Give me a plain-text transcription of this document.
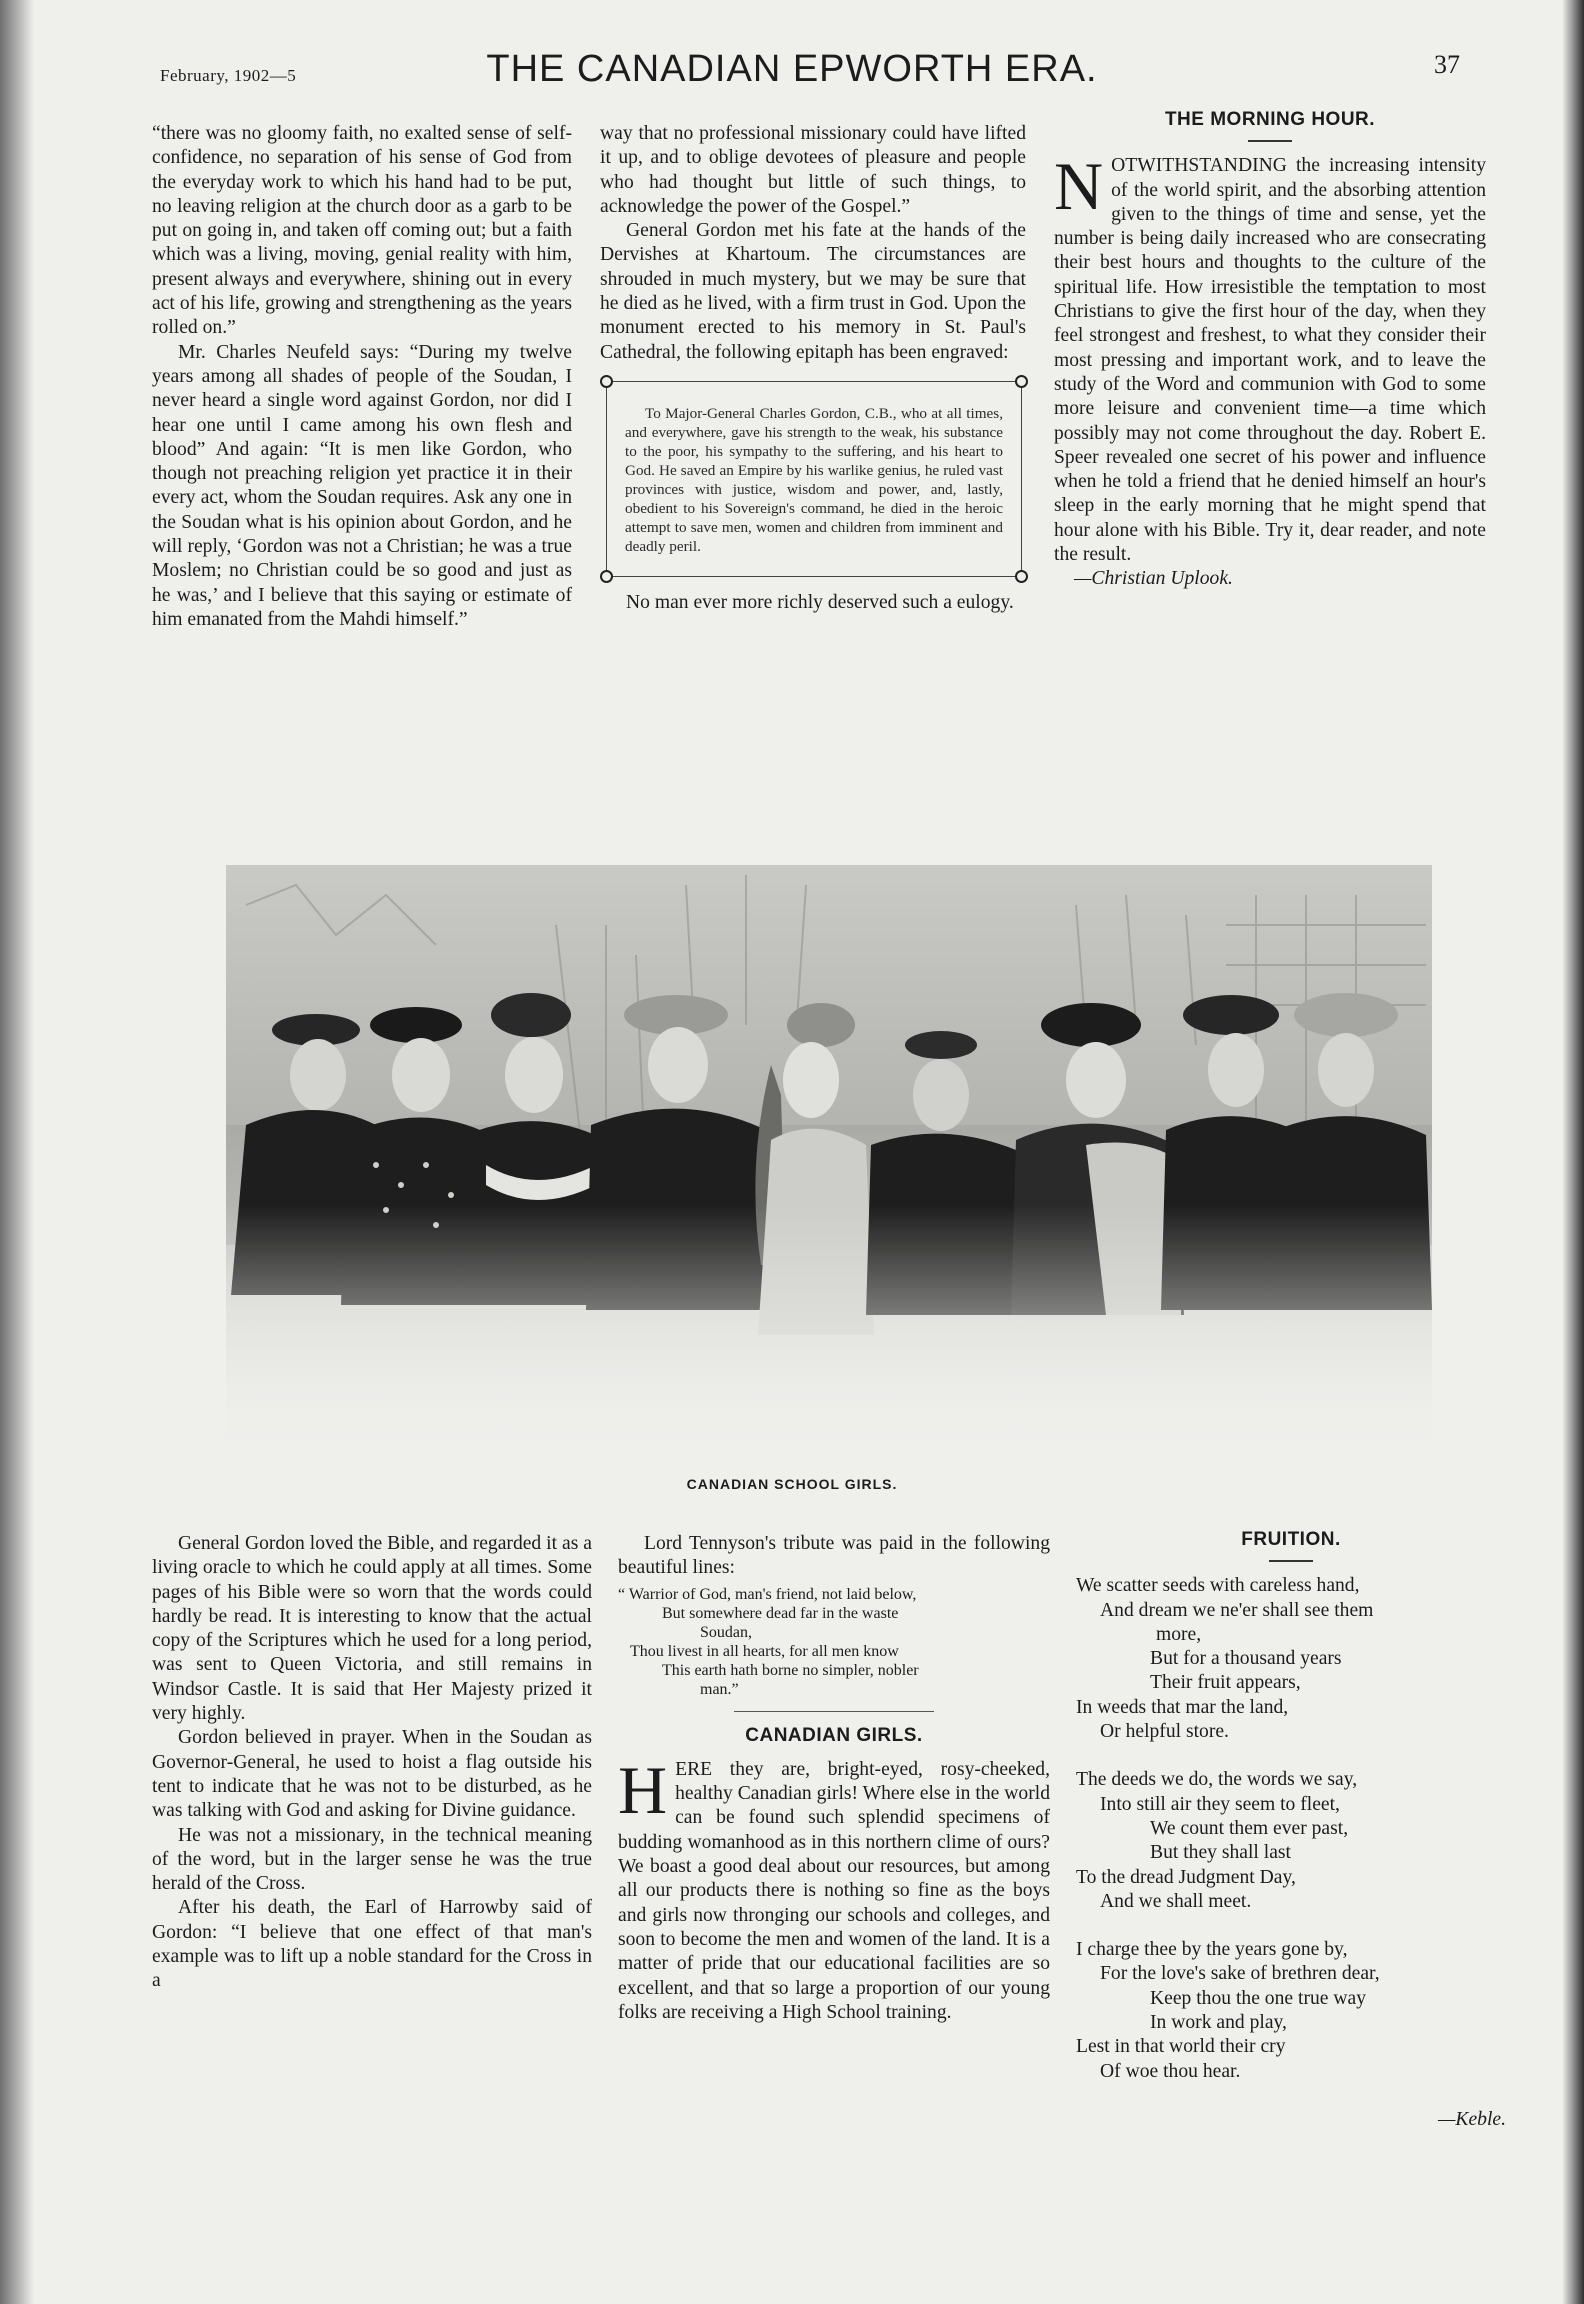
February, 1902—5	THE CANADIAN EPWORTH ERA.	37

“there was no gloomy faith, no exalted sense of self-confidence, no separation of his sense of God from the everyday work to which his hand had to be put, no leaving religion at the church door as a garb to be put on going in, and taken off coming out; but a faith which was a living, moving, genial reality with him, present always and everywhere, shining out in every act of his life, growing and strengthening as the years rolled on.”

Mr. Charles Neufeld says: “During my twelve years among all shades of people of the Soudan, I never heard a single word against Gordon, nor did I hear one until I came among his own flesh and blood” And again: “It is men like Gordon, who though not preaching religion yet practice it in their every act, whom the Soudan requires. Ask any one in the Soudan what is his opinion about Gordon, and he will reply, ‘Gordon was not a Christian; he was a true Moslem; no Christian could be so good and just as he was,’ and I believe that this saying or estimate of him emanated from the Mahdi himself.”

way that no professional missionary could have lifted it up, and to oblige devotees of pleasure and people who had thought but little of such things, to acknowledge the power of the Gospel.”

General Gordon met his fate at the hands of the Dervishes at Khartoum. The circumstances are shrouded in much mystery, but we may be sure that he died as he lived, with a firm trust in God. Upon the monument erected to his memory in St. Paul's Cathedral, the following epitaph has been engraved:

To Major-General Charles Gordon, C.B., who at all times, and everywhere, gave his strength to the weak, his substance to the poor, his sympathy to the suffering, and his heart to God. He saved an Empire by his warlike genius, he ruled vast provinces with justice, wisdom and power, and, lastly, obedient to his Sovereign's command, he died in the heroic attempt to save men, women and children from imminent and deadly peril.

No man ever more richly deserved such a eulogy.

THE MORNING HOUR.
NOTWITHSTANDING the increasing intensity of the world spirit, and the absorbing attention given to the things of time and sense, yet the number is being daily increased who are consecrating their best hours and thoughts to the culture of the spiritual life. How irresistible the temptation to most Christians to give the first hour of the day, when they feel strongest and freshest, to what they consider their most pressing and important work, and to leave the study of the Word and communion with God to some more leisure and convenient time—a time which possibly may not come throughout the day. Robert E. Speer revealed one secret of his power and influence when he told a friend that he denied himself an hour's sleep in the early morning that he might spend that hour alone with his Bible. Try it, dear reader, and note the result.
—Christian Uplook.
CANADIAN SCHOOL GIRLS.

General Gordon loved the Bible, and regarded it as a living oracle to which he could apply at all times. Some pages of his Bible were so worn that the words could hardly be read. It is interesting to know that the actual copy of the Scriptures which he used for a long period, was sent to Queen Victoria, and still remains in Windsor Castle. It is said that Her Majesty prized it very highly.

Gordon believed in prayer. When in the Soudan as Governor-General, he used to hoist a flag outside his tent to indicate that he was not to be disturbed, as he was talking with God and asking for Divine guidance.

He was not a missionary, in the technical meaning of the word, but in the larger sense he was the true herald of the Cross.

After his death, the Earl of Harrowby said of Gordon: “I believe that one effect of that man's example was to lift up a noble standard for the Cross in a

Lord Tennyson's tribute was paid in the following beautiful lines:

“ Warrior of God, man's friend, not laid below,
But somewhere dead far in the waste
Soudan,
Thou livest in all hearts, for all men know
This earth hath borne no simpler, nobler
man.”
CANADIAN GIRLS.
HERE they are, bright-eyed, rosy-cheeked, healthy Canadian girls! Where else in the world can be found such splendid specimens of budding womanhood as in this northern clime of ours? We boast a good deal about our resources, but among all our products there is nothing so fine as the boys and girls now thronging our schools and colleges, and soon to become the men and women of the land. It is a matter of pride that our educational facilities are so excellent, and that so large a proportion of our young folks are receiving a High School training.
FRUITION.
We scatter seeds with careless hand,
And dream we ne'er shall see them
more,
But for a thousand years
Their fruit appears,
In weeds that mar the land,
Or helpful store.
The deeds we do, the words we say,
Into still air they seem to fleet,
We count them ever past,
But they shall last
To the dread Judgment Day,
And we shall meet.
I charge thee by the years gone by,
For the love's sake of brethren dear,
Keep thou the one true way
In work and play,
Lest in that world their cry
Of woe thou hear.
—Keble.
